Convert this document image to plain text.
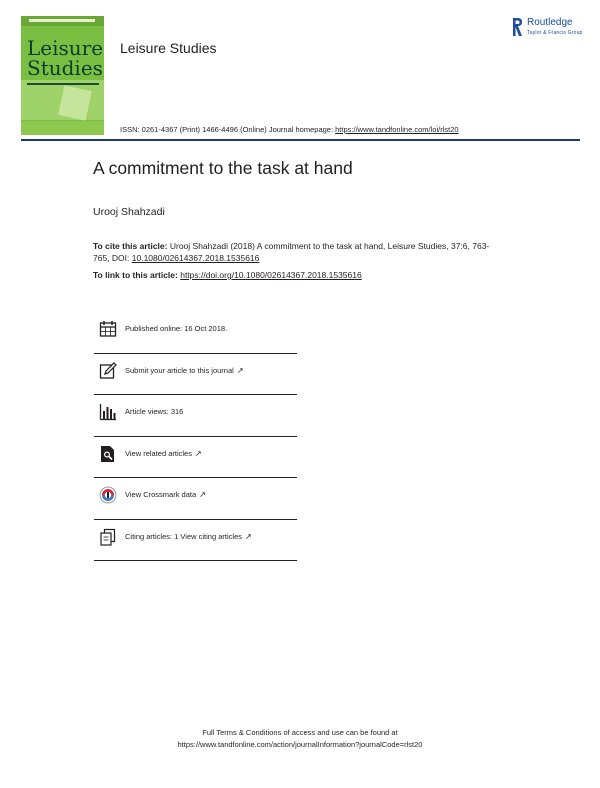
Leisure
Studies
Leisure Studies
Routledge
Taylor & Francis Group
ISSN: 0261-4367 (Print) 1466-4496 (Online) Journal homepage: https://www.tandfonline.com/loi/rlst20
A commitment to the task at hand
Urooj Shahzadi
To cite this article: Urooj Shahzadi (2018) A commitment to the task at hand, Leisure Studies, 37:6, 763-765, DOI: 10.1080/02614367.2018.1535616
To link to this article: https://doi.org/10.1080/02614367.2018.1535616
Published online: 16 Oct 2018.
Submit your article to this journal ↗
Article views: 316
View related articles ↗
View Crossmark data ↗
Citing articles: 1 View citing articles ↗
Full Terms & Conditions of access and use can be found at
https://www.tandfonline.com/action/journalInformation?journalCode=rlst20
